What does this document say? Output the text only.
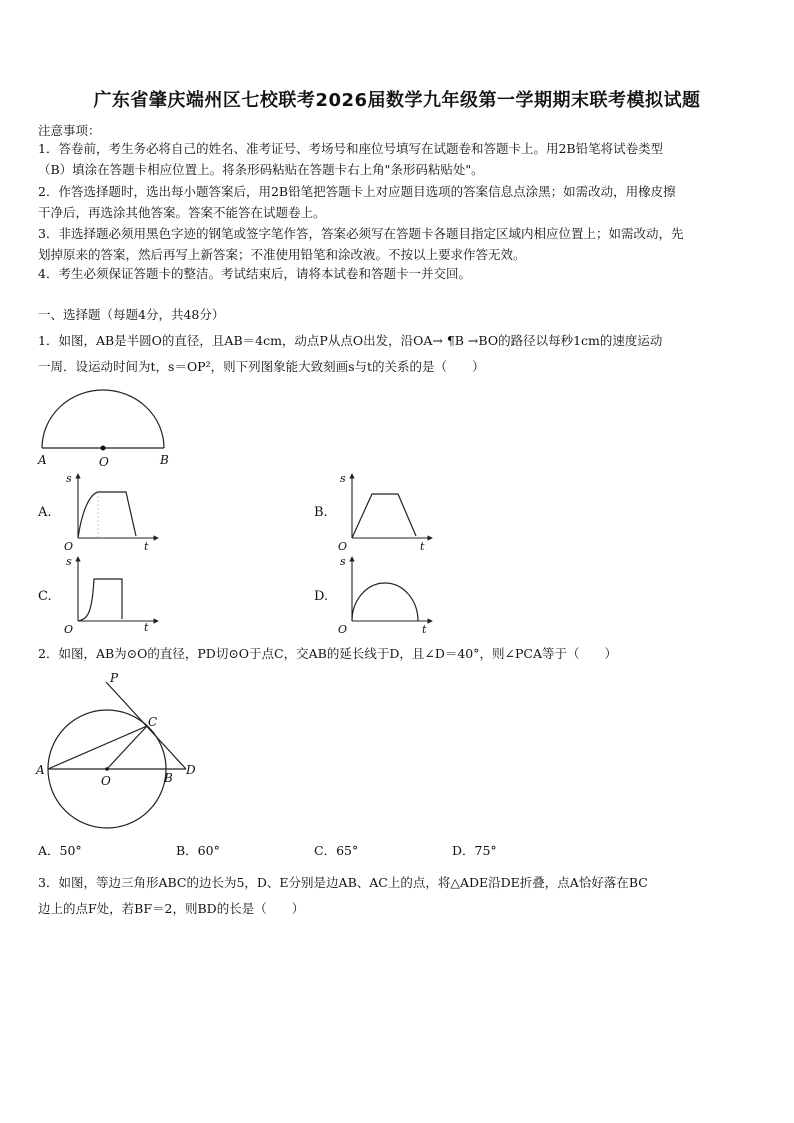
广东省肇庆端州区七校联考2026届数学九年级第一学期期末联考模拟试题
注意事项：
1．答卷前，考生务必将自己的姓名、准考证号、考场号和座位号填写在试题卷和答题卡上。用2B铅笔将试卷类型
（B）填涂在答题卡相应位置上。将条形码粘贴在答题卡右上角"条形码粘贴处"。
2．作答选择题时，选出每小题答案后，用2B铅笔把答题卡上对应题目选项的答案信息点涂黑；如需改动，用橡皮擦
干净后，再选涂其他答案。答案不能答在试题卷上。
3．非选择题必须用黑色字迹的钢笔或签字笔作答，答案必须写在答题卡各题目指定区域内相应位置上；如需改动，先
划掉原来的答案，然后再写上新答案；不准使用铅笔和涂改液。不按以上要求作答无效。
4．考生必须保证答题卡的整洁。考试结束后，请将本试卷和答题卡一并交回。
一、选择题（每题4分，共48分）
1．如图，AB是半圆O的直径，且AB＝4cm，动点P从点O出发，沿OA→ ¶B →BO的路径以每秒1cm的速度运动
一周．设运动时间为t，s＝OP²，则下列图象能大致刻画s与t的关系的是（　　）
A	O	B
A.
s
t
O
B.
s
t
O
C.
s
t
O
D.
s
t
O
2．如图，AB为⊙O的直径，PD切⊙O于点C，交AB的延长线于D，且∠D＝40°，则∠PCA等于（　　）
P
C
A
O	B
D
A．50°	B．60°	C．65°	D．75°
3．如图，等边三角形ABC的边长为5，D、E分别是边AB、AC上的点，将△ADE沿DE折叠，点A恰好落在BC
边上的点F处，若BF＝2，则BD的长是（　　）
